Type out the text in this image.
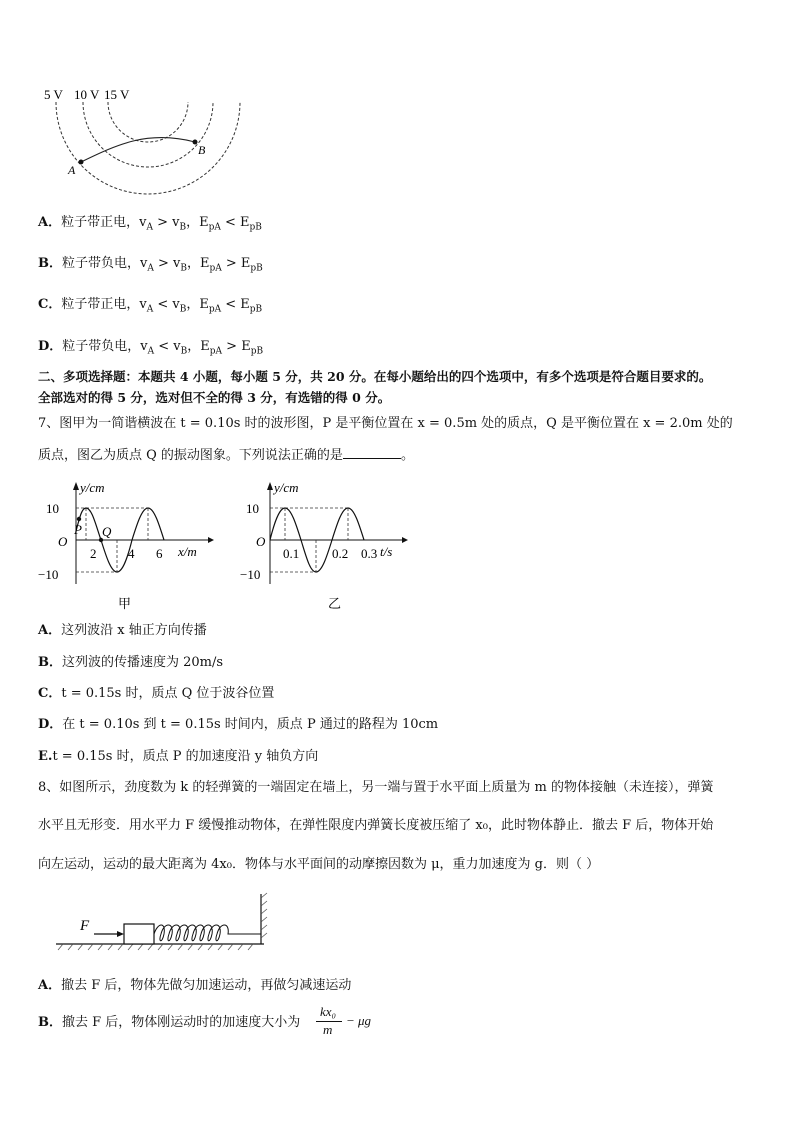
5 V 10 V 15 V
A
B
A．粒子带正电，$v_A > v_B$，$E_{pA} < E_{pB}$
B．粒子带负电，$v_A > v_B$，$E_{pA} > E_{pB}$
C．粒子带正电，$v_A < v_B$，$E_{pA} < E_{pB}$
D．粒子带负电，$v_A < v_B$，$E_{pA} > E_{pB}$
二、多项选择题：本题共 4 小题，每小题 5 分，共 20 分。在每小题给出的四个选项中，有多个选项是符合题目要求的。
全部选对的得 5 分，选对但不全的得 3 分，有选错的得 0 分。
7、图甲为一简谐横波在 t = 0.10s 时的波形图，P 是平衡位置在 x = 0.5m 处的质点，Q 是平衡位置在 x = 2.0m 处的
质点，图乙为质点 Q 的振动图象。下列说法正确的是	。
y/cm
x/m
10
O
−10
2 4 6
P Q
甲
y/cm
t/s
10
O
−10
0.1	0.2 0.3
乙
A．这列波沿 x 轴正方向传播
B．这列波的传播速度为 20m/s
C．t = 0.15s 时，质点 Q 位于波谷位置
D．在 t = 0.10s 到 t = 0.15s 时间内，质点 P 通过的路程为 10cm
E.t = 0.15s 时，质点 P 的加速度沿 y 轴负方向
8、如图所示，劲度数为 k 的轻弹簧的一端固定在墙上，另一端与置于水平面上质量为 m 的物体接触（未连接），弹簧
水平且无形变．用水平力 F 缓慢推动物体，在弹性限度内弹簧长度被压缩了 x₀，此时物体静止．撤去 F 后，物体开始
向左运动，运动的最大距离为 4x₀．物体与水平面间的动摩擦因数为 μ，重力加速度为 g．则（ ）
F
A．撤去 F 后，物体先做匀加速运动，再做匀减速运动
B．撤去 F 后，物体刚运动时的加速度大小为
kx₀
m
− μg
